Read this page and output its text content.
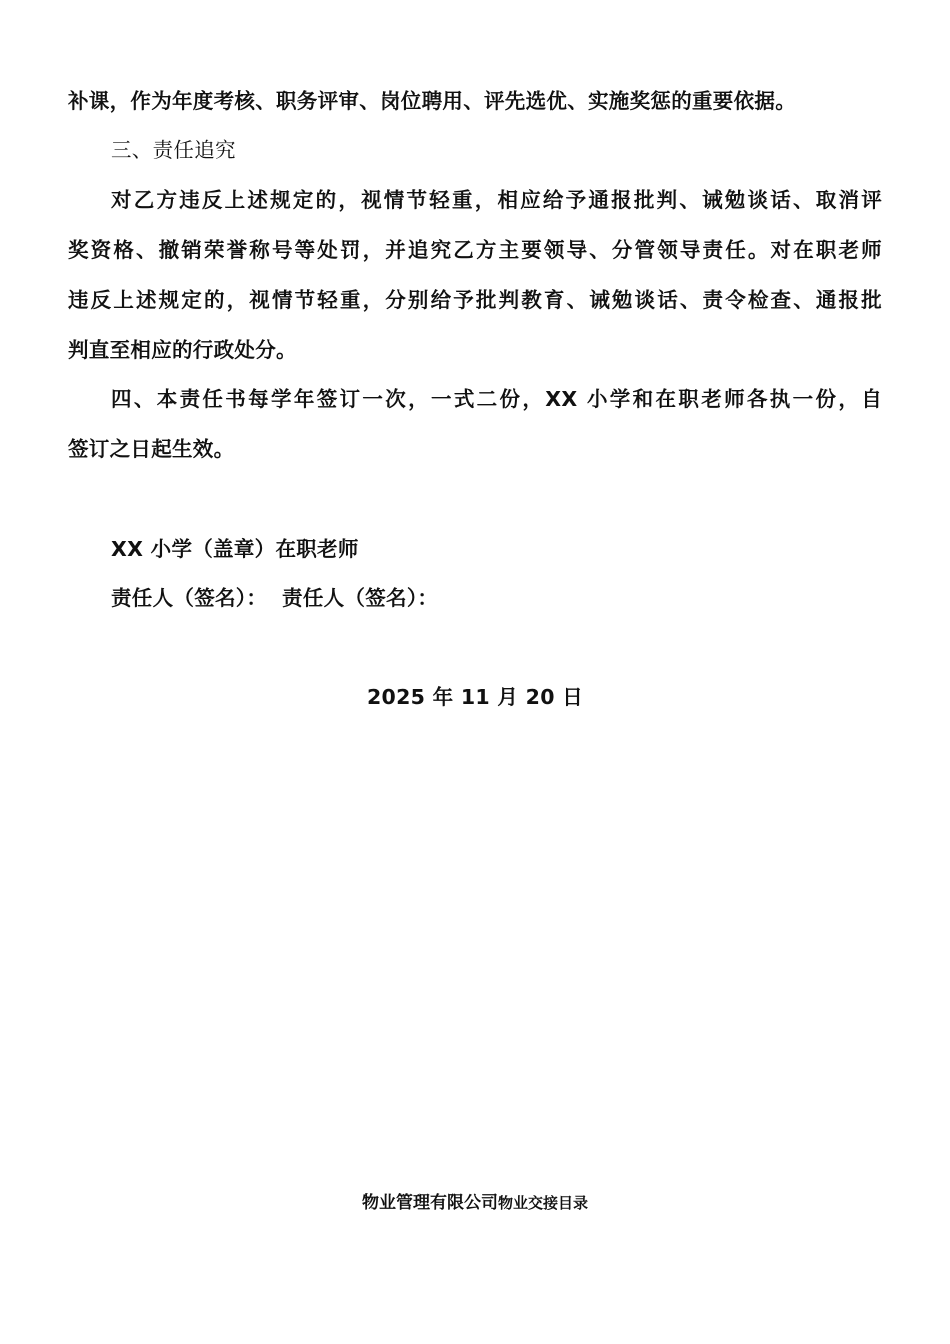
补课，作为年度考核、职务评审、岗位聘用、评先选优、实施奖惩的重要依据。
三、责任追究
对乙方违反上述规定的，视情节轻重，相应给予通报批判、诫勉谈话、取消评
奖资格、撤销荣誉称号等处罚，并追究乙方主要领导、分管领导责任。对在职老师
违反上述规定的，视情节轻重，分别给予批判教育、诫勉谈话、责令检查、通报批
判直至相应的行政处分。
四、本责任书每学年签订一次，一式二份，XX 小学和在职老师各执一份，自
签订之日起生效。
XX 小学（盖章）在职老师
责任人（签名）：  责任人（签名）：
2025 年 11 月 20 日
物业管理有限公司物业交接目录
